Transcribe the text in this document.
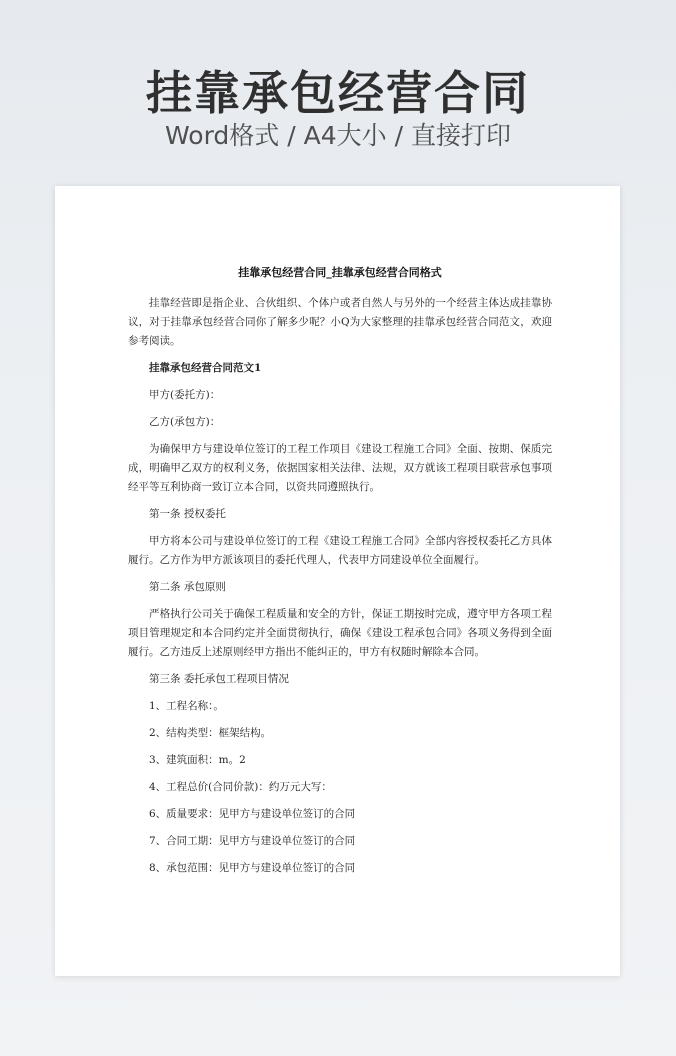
挂靠承包经营合同

Word格式 / A4大小 / 直接打印

挂靠承包经营合同_挂靠承包经营合同格式

挂靠经营即是指企业、合伙组织、个体户或者自然人与另外的一个经营主体达成挂靠协议，对于挂靠承包经营合同你了解多少呢？小Q为大家整理的挂靠承包经营合同范文，欢迎参考阅读。

挂靠承包经营合同范文1

甲方(委托方)：

乙方(承包方)：

为确保甲方与建设单位签订的工程工作项目《建设工程施工合同》全面、按期、保质完成，明确甲乙双方的权利义务，依据国家相关法律、法规，双方就该工程项目联营承包事项经平等互利协商一致订立本合同，以资共同遵照执行。

第一条 授权委托

甲方将本公司与建设单位签订的工程《建设工程施工合同》全部内容授权委托乙方具体履行。乙方作为甲方派该项目的委托代理人，代表甲方同建设单位全面履行。

第二条 承包原则

严格执行公司关于确保工程质量和安全的方针，保证工期按时完成，遵守甲方各项工程项目管理规定和本合同约定并全面贯彻执行，确保《建设工程承包合同》各项义务得到全面履行。乙方违反上述原则经甲方指出不能纠正的，甲方有权随时解除本合同。

第三条 委托承包工程项目情况

1、工程名称：。

2、结构类型：框架结构。

3、建筑面积：m。2

4、工程总价(合同价款)：约万元大写：

6、质量要求：见甲方与建设单位签订的合同

7、合同工期：见甲方与建设单位签订的合同

8、承包范围：见甲方与建设单位签订的合同
